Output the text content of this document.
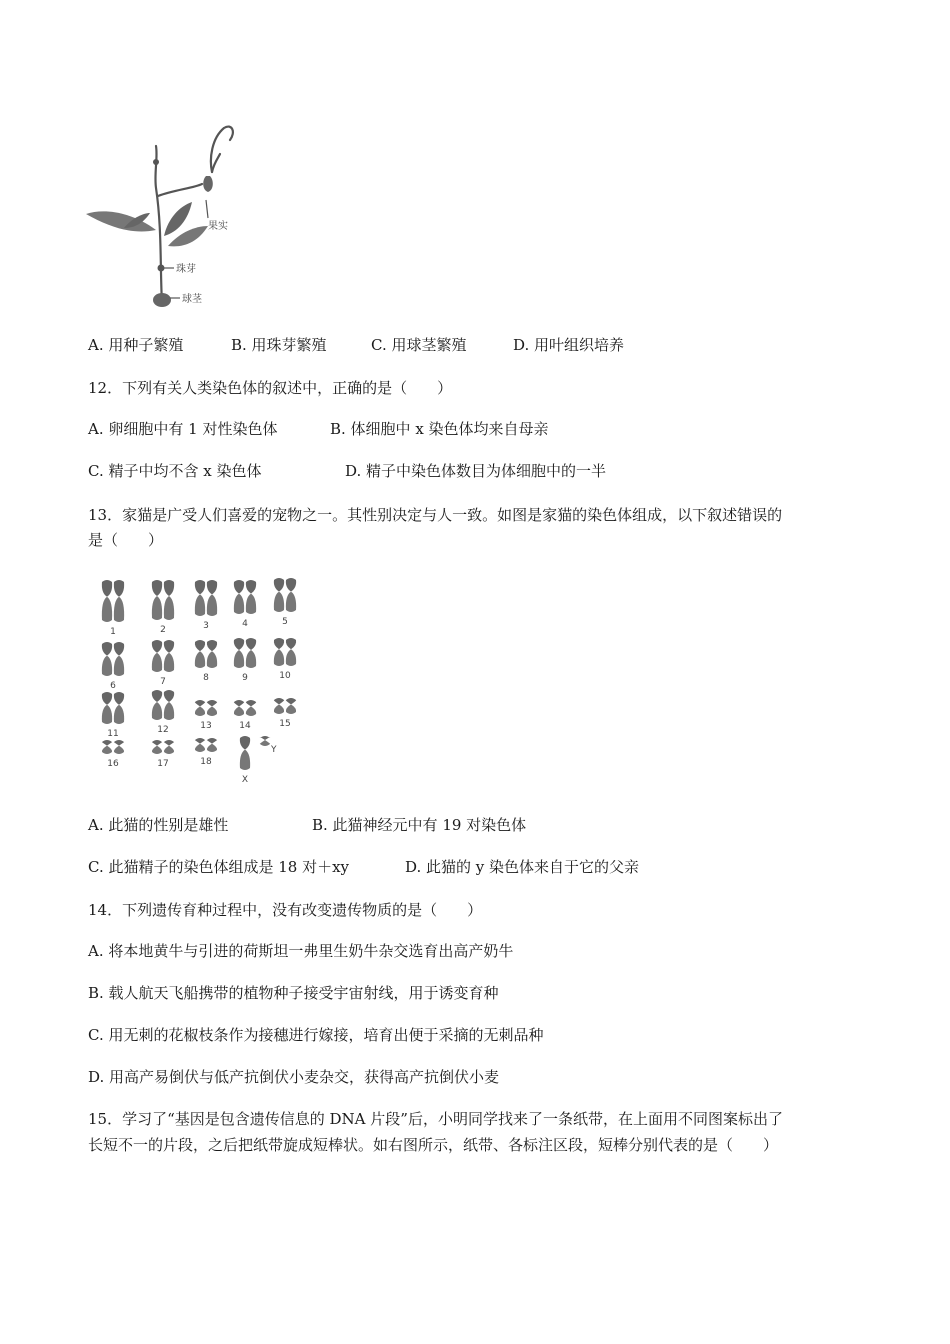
果实
珠芽
球茎
A. 用种子繁殖	B. 用珠芽繁殖	C. 用球茎繁殖	D. 用叶组织培养
12．下列有关人类染色体的叙述中，正确的是（　　）
A. 卵细胞中有 1 对性染色体	B. 体细胞中 x 染色体均来自母亲
C. 精子中均不含 x 染色体	D. 精子中染色体数目为体细胞中的一半
13．家猫是广受人们喜爱的宠物之一。其性别决定与人一致。如图是家猫的染色体组成，以下叙述错误的
是（　　）
1	2	3	4	5
6	7	8	9	10
11	12	13	14	15
16	17	18
X
Y
A. 此猫的性别是雄性	B. 此猫神经元中有 19 对染色体
C. 此猫精子的染色体组成是 18 对＋xy	D. 此猫的 y 染色体来自于它的父亲
14．下列遗传育种过程中，没有改变遗传物质的是（　　）
A. 将本地黄牛与引进的荷斯坦一弗里生奶牛杂交选育出高产奶牛
B. 载人航天飞船携带的植物种子接受宇宙射线，用于诱变育种
C. 用无刺的花椒枝条作为接穗进行嫁接，培育出便于采摘的无刺品种
D. 用高产易倒伏与低产抗倒伏小麦杂交，获得高产抗倒伏小麦
15．学习了“基因是包含遗传信息的 DNA 片段”后，小明同学找来了一条纸带，在上面用不同图案标出了
长短不一的片段，之后把纸带旋成短棒状。如右图所示，纸带、各标注区段，短棒分别代表的是（　　）
